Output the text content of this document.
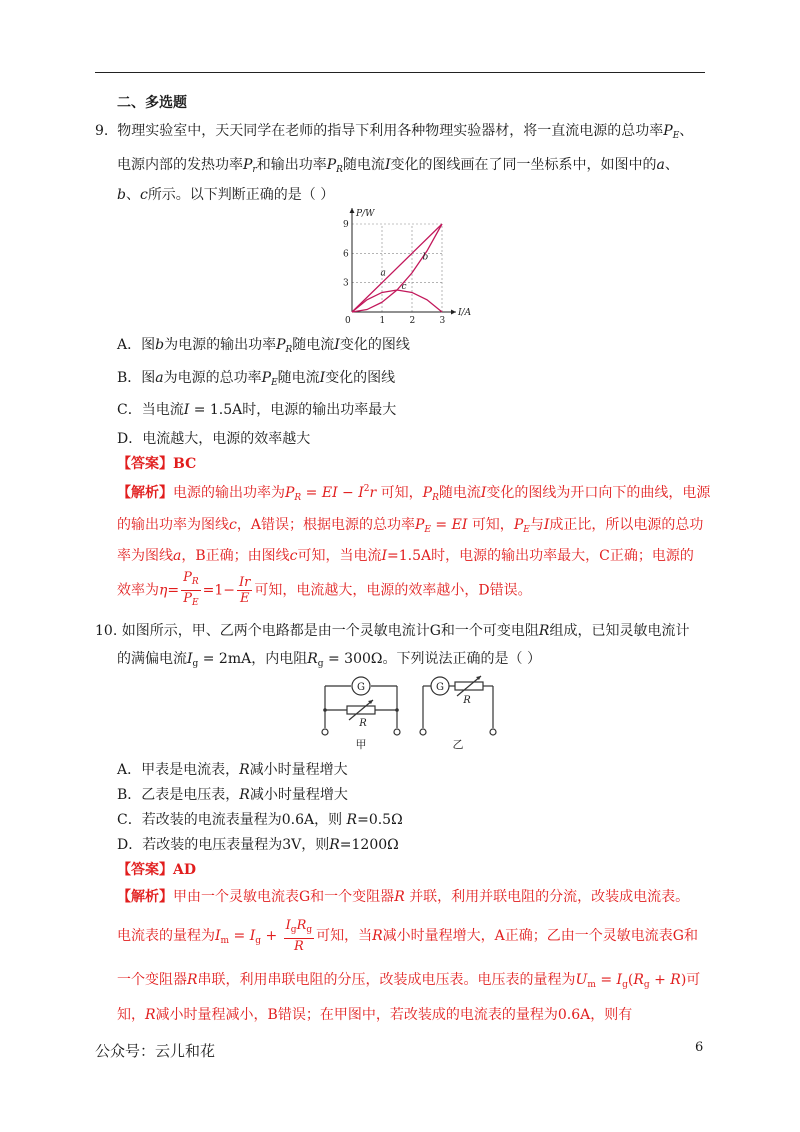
二、多选题
9. 物理实验室中，天天同学在老师的指导下利用各种物理实验器材，将一直流电源的总功率$P_E$、
电源内部的发热功率$P_r$和输出功率$P_R$随电流I变化的图线画在了同一坐标系中，如图中的a、
b、c所示。以下判断正确的是（ ）
P/W
I/A
0	1	2	3
3
6
9
a
b
c
A．图b为电源的输出功率$P_R$随电流I变化的图线
B．图a为电源的总功率$P_E$随电流I变化的图线
C．当电流I = 1.5A时，电源的输出功率最大
D．电流越大，电源的效率越大
【答案】BC
【解析】电源的输出功率为$P_R$ = EI − $I^2r$ 可知，$P_R$随电流I变化的图线为开口向下的曲线，电源
的输出功率为图线c，A错误；根据电源的总功率$P_E$ = EI 可知，$P_E$与I成正比，所以电源的总功
率为图线a，B正确；由图线c可知，当电流I=1.5A时，电源的输出功率最大，C正确；电源的
效率为$\eta= \frac{P_R}{P_E} =1- \frac{Ir}{E}$ 可知，电流越大，电源的效率越小，D错误。
10. 如图所示，甲、乙两个电路都是由一个灵敏电流计G和一个可变电阻R组成，已知灵敏电流计
的满偏电流$I_g = 2mA$，内电阻$R_g = 300\Omega$。下列说法正确的是（ ）
G
R
甲
G
R
乙
A．甲表是电流表，R减小时量程增大
B．乙表是电压表，R减小时量程增大
C．若改装的电流表量程为0.6A，则 R=0.5Ω
D．若改装的电压表量程为3V，则R=1200Ω
【答案】AD
【解析】甲由一个灵敏电流表G和一个变阻器R 并联，利用并联电阻的分流，改装成电流表。
电流表的量程为$I_m = I_g + \frac{I_gR_g}{R}$ 可知，当R减小时量程增大，A正确；乙由一个灵敏电流表G和
一个变阻器R串联，利用串联电阻的分压，改装成电压表。电压表的量程为$U_m = I_g(R_g + R)$可
知，R减小时量程减小，B错误；在甲图中，若改装成的电流表的量程为0.6A，则有
公众号：云儿和花	6
